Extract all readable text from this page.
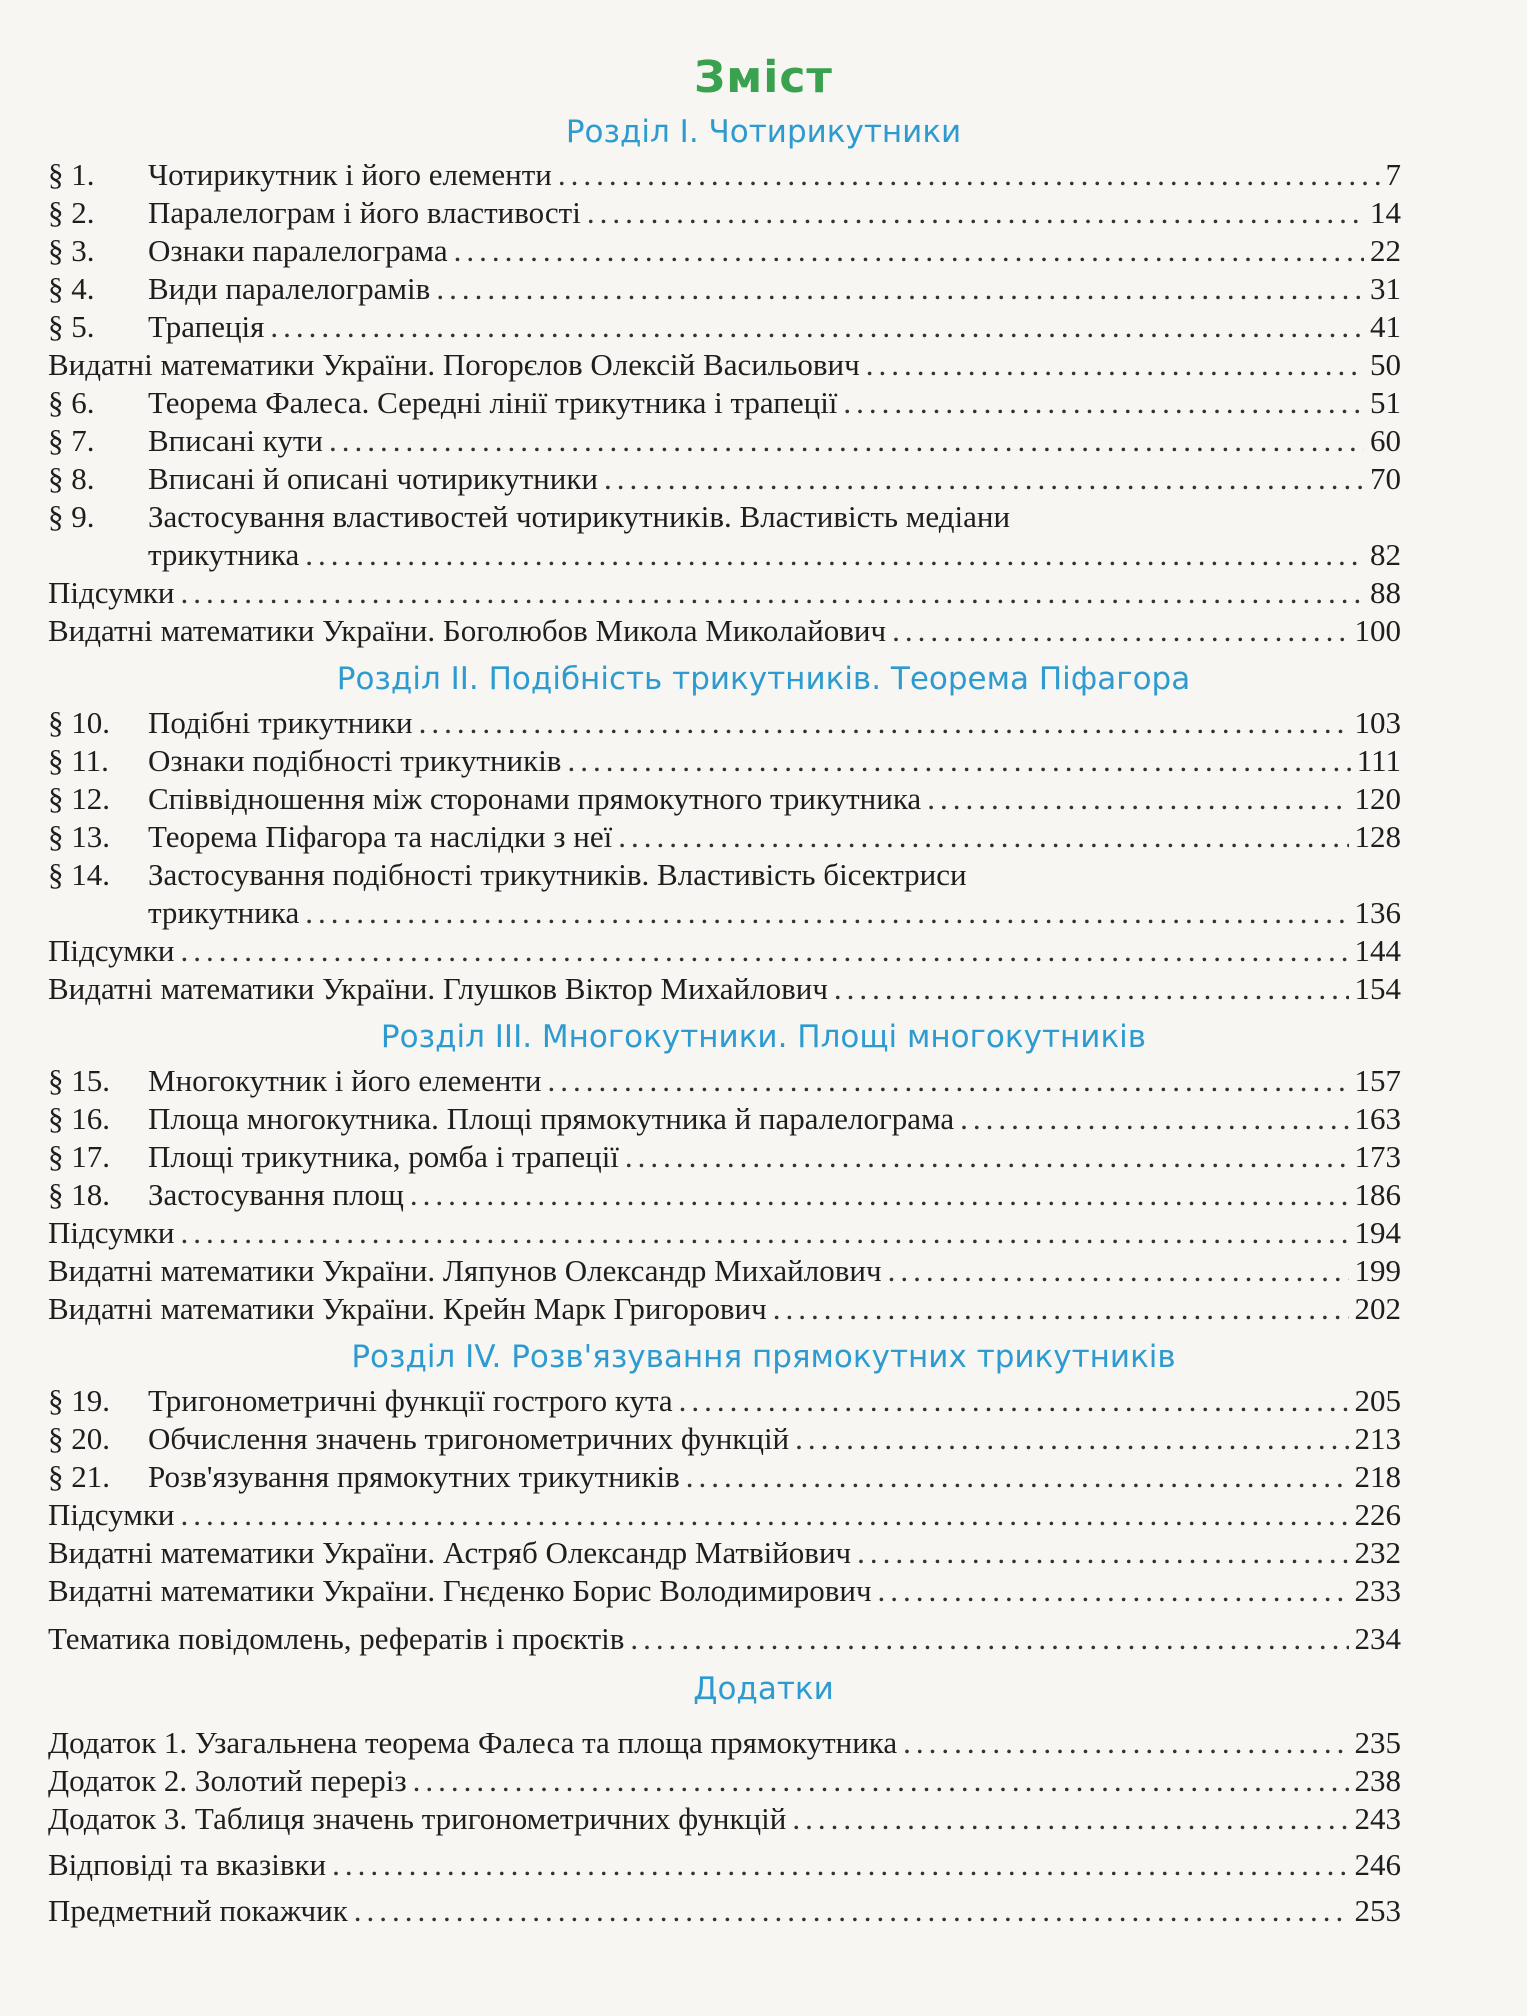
Зміст
Розділ І. Чотирикутники
§ 1.	Чотирикутник і його елементи .....	7
§ 2.	Паралелограм і його властивості .....	14
§ 3.	Ознаки паралелограма .....	22
§ 4.	Види паралелограмів .....	31
§ 5.	Трапеція .....	41
Видатні математики України. Погорєлов Олексій Васильович .....	50
§ 6.	Теорема Фалеса. Середні лінії трикутника і трапеції .....	51
§ 7.	Вписані кути .....	60
§ 8.	Вписані й описані чотирикутники .....	70
§ 9. Застосування властивостей чотирикутників. Властивість медіани
трикутника .....	82
Підсумки .....	88
Видатні математики України. Боголюбов Микола Миколайович .....	100
Розділ ІІ. Подібність трикутників. Теорема Піфагора
§ 10.	Подібні трикутники .....	103
§ 11.	Ознаки подібності трикутників .....	111
§ 12.	Співвідношення між сторонами прямокутного трикутника .....	120
§ 13.	Теорема Піфагора та наслідки з неї .....	128
§ 14. Застосування подібності трикутників. Властивість бісектриси
трикутника .....	136
Підсумки .....	144
Видатні математики України. Глушков Віктор Михайлович .....	154
Розділ ІІІ. Многокутники. Площі многокутників
§ 15.	Многокутник і його елементи .....	157
§ 16.	Площа многокутника. Площі прямокутника й паралелограма .....	163
§ 17.	Площі трикутника, ромба і трапеції .....	173
§ 18.	Застосування площ .....	186
Підсумки .....	194
Видатні математики України. Ляпунов Олександр Михайлович .....	199
Видатні математики України. Крейн Марк Григорович .....	202
Розділ IV. Розв'язування прямокутних трикутників
§ 19.	Тригонометричні функції гострого кута .....	205
§ 20.	Обчислення значень тригонометричних функцій .....	213
§ 21.	Розв'язування прямокутних трикутників .....	218
Підсумки .....	226
Видатні математики України. Астряб Олександр Матвійович .....	232
Видатні математики України. Гнєденко Борис Володимирович .....	233
Тематика повідомлень, рефератів і проєктів .....	234
Додатки
Додаток 1. Узагальнена теорема Фалеса та площа прямокутника .....	235
Додаток 2. Золотий переріз .....	238
Додаток 3. Таблиця значень тригонометричних функцій .....	243
Відповіді та вказівки .....	246
Предметний покажчик .....	253
